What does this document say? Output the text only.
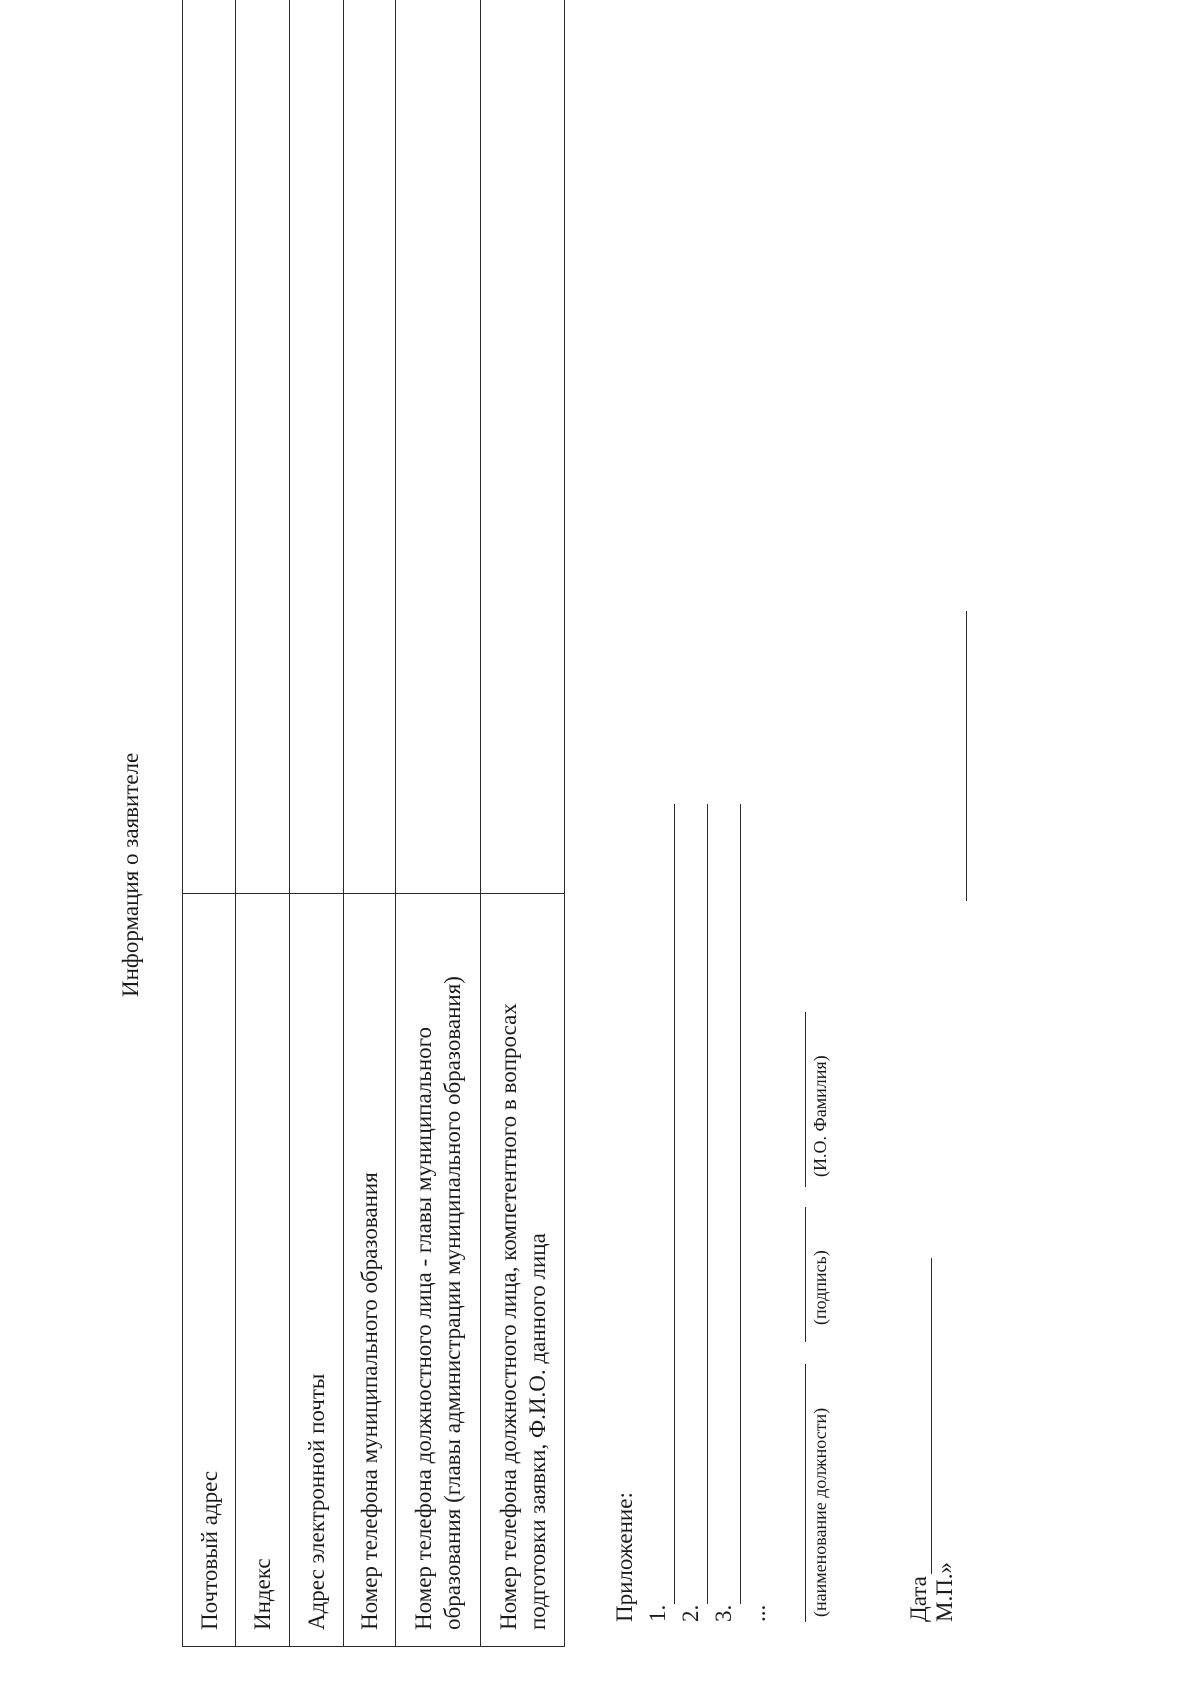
Информация о заявителе
Почтовый адрес	
Индекс	
Адрес электронной почты	
Номер телефона муниципального образования	

Номер телефона должностного лица - главы муниципального образования (главы администрации муниципального образования)	

Номер телефона должностного лица, компетентного в вопросах подготовки заявки, Ф.И.О. данного лица	
		Приложение: 1. 2. 3. ... (наименование должности)
(подпись)
(И.О. Фамилия)
Дата М.П.»
